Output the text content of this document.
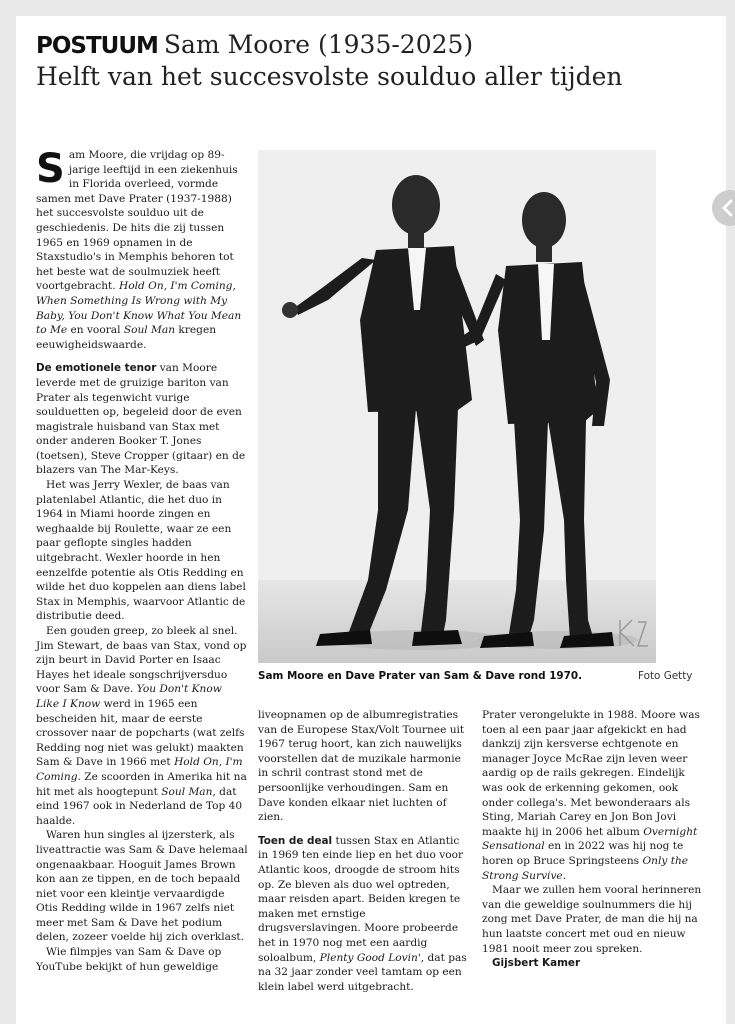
POSTUUM Sam Moore (1935-2025)
Helft van het succesvolste soulduo aller tijden

Sam Moore, die vrijdag op 89-jarige leeftijd in een ziekenhuis in Florida overleed, vormde samen met Dave Prater (1937-1988) het succesvolste soulduo uit de geschiedenis. De hits die zij tussen 1965 en 1969 opnamen in de Staxstudio's in Memphis behoren tot het beste wat de soulmuziek heeft voortgebracht. Hold On, I'm Coming, When Something Is Wrong with My Baby, You Don't Know What You Mean to Me en vooral Soul Man kregen eeuwigheidswaarde.

De emotionele tenor van Moore leverde met de gruizige bariton van Prater als tegenwicht vurige soulduetten op, begeleid door de even magistrale huisband van Stax met onder anderen Booker T. Jones (toetsen), Steve Cropper (gitaar) en de blazers van The Mar-Keys.

Het was Jerry Wexler, de baas van platenlabel Atlantic, die het duo in 1964 in Miami hoorde zingen en weghaalde bij Roulette, waar ze een paar geflopte singles hadden uitgebracht. Wexler hoorde in hen eenzelfde potentie als Otis Redding en wilde het duo koppelen aan diens label Stax in Memphis, waarvoor Atlantic de distributie deed.

Een gouden greep, zo bleek al snel. Jim Stewart, de baas van Stax, vond op zijn beurt in David Porter en Isaac Hayes het ideale songschrijversduo voor Sam & Dave. You Don't Know Like I Know werd in 1965 een bescheiden hit, maar de eerste crossover naar de popcharts (wat zelfs Redding nog niet was gelukt) maakten Sam & Dave in 1966 met Hold On, I'm Coming. Ze scoorden in Amerika hit na hit met als hoogtepunt Soul Man, dat eind 1967 ook in Nederland de Top 40 haalde.

Waren hun singles al ijzersterk, als liveattractie was Sam & Dave helemaal ongenaakbaar. Hooguit James Brown kon aan ze tippen, en de toch bepaald niet voor een kleintje vervaardigde Otis Redding wilde in 1967 zelfs niet meer met Sam & Dave het podium delen, zozeer voelde hij zich overklast.

Wie filmpjes van Sam & Dave op YouTube bekijkt of hun geweldige

Sam Moore en Dave Prater van Sam & Dave rond 1970.	Foto Getty

liveopnamen op de albumregistraties van de Europese Stax/Volt Tournee uit 1967 terug hoort, kan zich nauwelijks voorstellen dat de muzikale harmonie in schril contrast stond met de persoonlijke verhoudingen. Sam en Dave konden elkaar niet luchten of zien.

Toen de deal tussen Stax en Atlantic in 1969 ten einde liep en het duo voor Atlantic koos, droogde de stroom hits op. Ze bleven als duo wel optreden, maar reisden apart. Beiden kregen te maken met ernstige drugsverslavingen. Moore probeerde het in 1970 nog met een aardig soloalbum, Plenty Good Lovin', dat pas na 32 jaar zonder veel tamtam op een klein label werd uitgebracht.

Prater verongelukte in 1988. Moore was toen al een paar jaar afgekickt en had dankzij zijn kersverse echtgenote en manager Joyce McRae zijn leven weer aardig op de rails gekregen. Eindelijk was ook de erkenning gekomen, ook onder collega's. Met bewonderaars als Sting, Mariah Carey en Jon Bon Jovi maakte hij in 2006 het album Overnight Sensational en in 2022 was hij nog te horen op Bruce Springsteens Only the Strong Survive.

Maar we zullen hem vooral herinneren van die geweldige soulnummers die hij zong met Dave Prater, de man die hij na hun laatste concert met oud en nieuw 1981 nooit meer zou spreken.

Gijsbert Kamer
